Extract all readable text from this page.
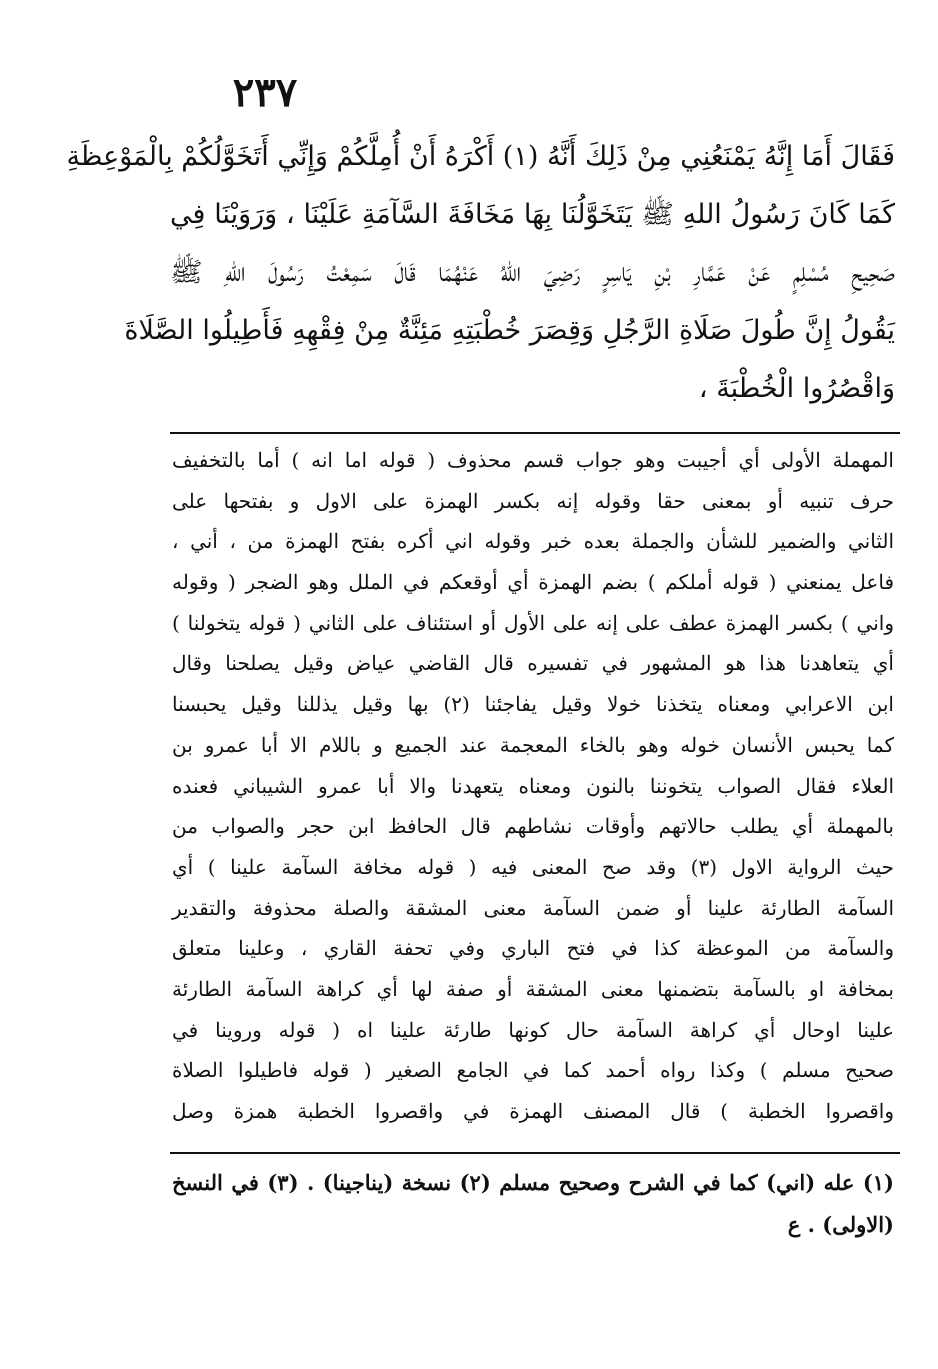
٢٣٧
فَقَالَ أَمَا إِنَّهُ يَمْنَعُنِي مِنْ ذَلِكَ أَنَّهُ (١) أَكْرَهُ أَنْ أُمِلَّكُمْ وَإِنِّي أَتَخَوَّلُكُمْ بِالْمَوْعِظَةِ
كَمَا كَانَ رَسُولُ اللهِ ﷺ يَتَخَوَّلُنَا بِهَا مَخَافَةَ السَّآمَةِ عَلَيْنَا ، وَرَوَيْنَا فِي
صَحِيحِ مُسْلِمٍ عَنْ عَمَّارِ بْنِ يَاسِرٍ رَضِيَ اللهُ عَنْهُمَا قَالَ سَمِعْتُ رَسُولَ اللهِ ﷺ
يَقُولُ إِنَّ طُولَ صَلَاةِ الرَّجُلِ وَقِصَرَ خُطْبَتِهِ مَئِنَّةٌ مِنْ فِقْهِهِ فَأَطِيلُوا الصَّلَاةَ
وَاقْصُرُوا الْخُطْبَةَ ،
المهملة الأولى أي أجيبت وهو جواب قسم محذوف ( قوله اما انه ) أما بالتخفيف
حرف تنبيه أو بمعنى حقا وقوله إنه بكسر الهمزة على الاول و بفتحها على
الثاني والضمير للشأن والجملة بعده خبر وقوله اني أكره بفتح الهمزة من ، أني ،
فاعل يمنعني ( قوله أملكم ) بضم الهمزة أي أوقعكم في الملل وهو الضجر ( وقوله
واني ) بكسر الهمزة عطف على إنه على الأول أو استئناف على الثاني ( قوله يتخولنا )
أي يتعاهدنا هذا هو المشهور في تفسيره قال القاضي عياض وقيل يصلحنا وقال
ابن الاعرابي ومعناه يتخذنا خولا وقيل يفاجئنا (٢) بها وقيل يذللنا وقيل يحبسنا
كما يحبس الأنسان خوله وهو بالخاء المعجمة عند الجميع و باللام الا أبا عمرو بن
العلاء فقال الصواب يتخوننا بالنون ومعناه يتعهدنا والا أبا عمرو الشيباني فعنده
بالمهملة أي يطلب حالاتهم وأوقات نشاطهم قال الحافظ ابن حجر والصواب من
حيث الرواية الاول (٣) وقد صح المعنى فيه ( قوله مخافة السآمة علينا ) أي
السآمة الطارئة علينا أو ضمن السآمة معنى المشقة والصلة محذوفة والتقدير
والسآمة من الموعظة كذا في فتح الباري وفي تحفة القاري ، وعلينا متعلق
بمخافة او بالسآمة بتضمنها معنى المشقة أو صفة لها أي كراهة السآمة الطارئة
علينا اوحال أي كراهة السآمة حال كونها طارئة علينا اه ( قوله وروينا في
صحيح مسلم ) وكذا رواه أحمد كما في الجامع الصغير ( قوله فاطيلوا الصلاة
واقصروا الخطبة ) قال المصنف الهمزة في واقصروا الخطبة همزة وصل
(١) عله (اني) كما في الشرح وصحيح مسلم (٢) نسخة (يناجينا) . (٣) في النسخ
(الاولى) . ع
